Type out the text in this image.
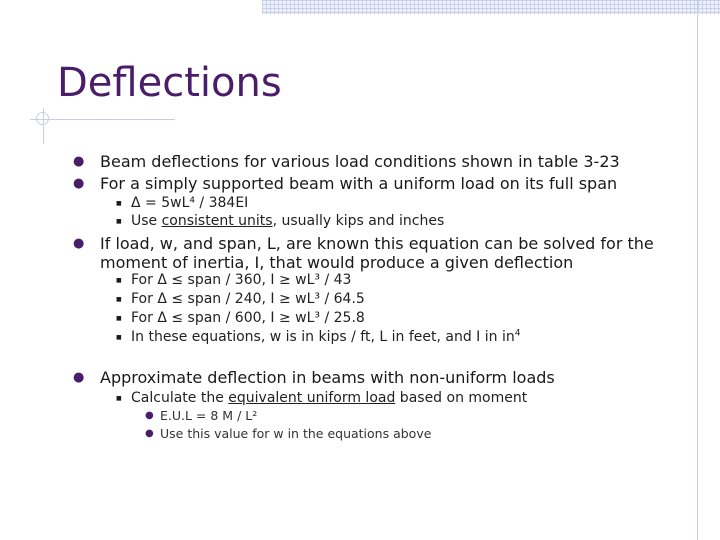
Deflections
● Beam deflections for various load conditions shown in table 3-23
● For a simply supported beam with a uniform load on its full span
■ Δ = 5wL⁴ / 384EI
■ Use consistent units, usually kips and inches
● If load, w, and span, L, are known this equation can be solved for the
moment of inertia, I, that would produce a given deflection
■ For Δ ≤ span / 360, I ≥ wL³ / 43
■ For Δ ≤ span / 240, I ≥ wL³ / 64.5
■ For Δ ≤ span / 600, I ≥ wL³ / 25.8
■ In these equations, w is in kips / ft, L in feet, and I in $in^4$
● Approximate deflection in beams with non-uniform loads
■ Calculate the equivalent uniform load based on moment
● E.U.L = 8 M / L²
● Use this value for w in the equations above
